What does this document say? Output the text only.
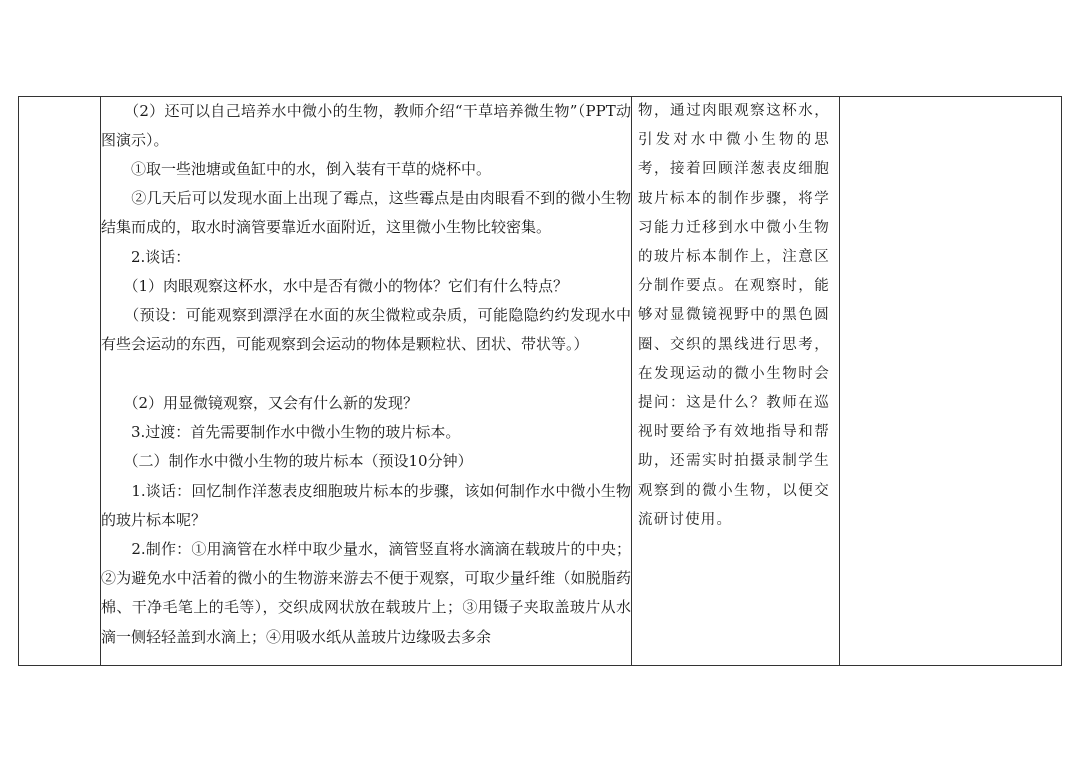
　　（2）还可以自己培养水中微小的生物，教师介绍“干草培养微生物”（PPT动图演示）。

　　①取一些池塘或鱼缸中的水，倒入装有干草的烧杯中。

　　②几天后可以发现水面上出现了霉点，这些霉点是由肉眼看不到的微小生物结集而成的，取水时滴管要靠近水面附近，这里微小生物比较密集。

　　2.谈话：

　　（1）肉眼观察这杯水，水中是否有微小的物体？它们有什么特点？

　　（预设：可能观察到漂浮在水面的灰尘微粒或杂质，可能隐隐约约发现水中有些会运动的东西，可能观察到会运动的物体是颗粒状、团状、带状等。）

　　（2）用显微镜观察，又会有什么新的发现？

　　3.过渡：首先需要制作水中微小生物的玻片标本。

　　（二）制作水中微小生物的玻片标本（预设10分钟）

　　1.谈话：回忆制作洋葱表皮细胞玻片标本的步骤，该如何制作水中微小生物的玻片标本呢？

　　2.制作：①用滴管在水样中取少量水，滴管竖直将水滴滴在载玻片的中央；②为避免水中活着的微小的生物游来游去不便于观察，可取少量纤维（如脱脂药棉、干净毛笔上的毛等），交织成网状放在载玻片上；③用镊子夹取盖玻片从水滴一侧轻轻盖到水滴上；④用吸水纸从盖玻片边缘吸去多余

物，通过肉眼观察这杯水，引发对水中微小生物的思考，接着回顾洋葱表皮细胞玻片标本的制作步骤，将学习能力迁移到水中微小生物的玻片标本制作上，注意区分制作要点。在观察时，能够对显微镜视野中的黑色圆圈、交织的黑线进行思考，在发现运动的微小生物时会提问：这是什么？教师在巡视时要给予有效地指导和帮助，还需实时拍摄录制学生观察到的微小生物，以便交流研讨使用。
